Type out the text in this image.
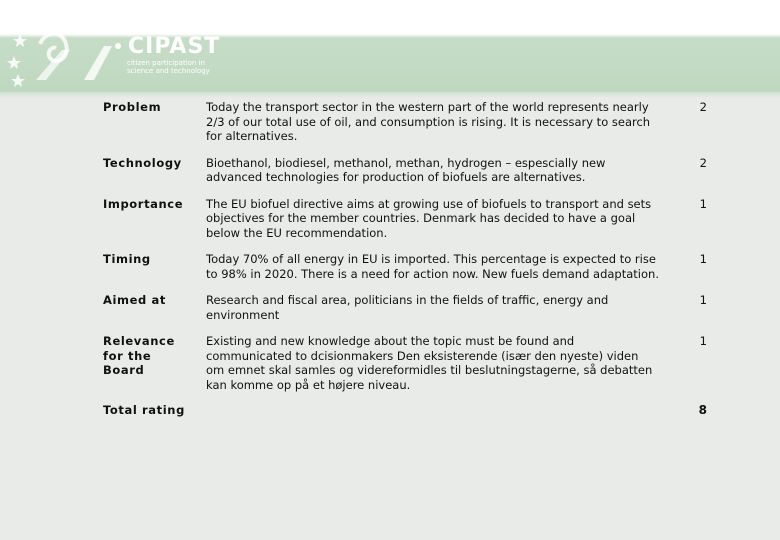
CIPAST
citizen participation in science and technology
Problem	Today the transport sector in the western part of the world represents nearly 2/3 of our total use of oil, and consumption is rising. It is necessary to search for alternatives.	2
Technology	Bioethanol, biodiesel, methanol, methan, hydrogen – espescially new advanced technologies for production of biofuels are alternatives.	2
Importance	The EU biofuel directive aims at growing use of biofuels to transport and sets objectives for the member countries. Denmark has decided to have a goal below the EU recommendation.	1
Timing	Today 70% of all energy in EU is imported. This percentage is expected to rise to 98% in 2020. There is a need for action now. New fuels demand adaptation.	1
Aimed at	Research and fiscal area, politicians in the fields of traffic, energy and environment	1
Relevance for the Board	Existing and new knowledge about the topic must be found and communicated to dcisionmakers Den eksisterende (især den nyeste) viden om emnet skal samles og videreformidles til beslutningstagerne, så debatten kan komme op på et højere niveau.	1
Total rating		8
